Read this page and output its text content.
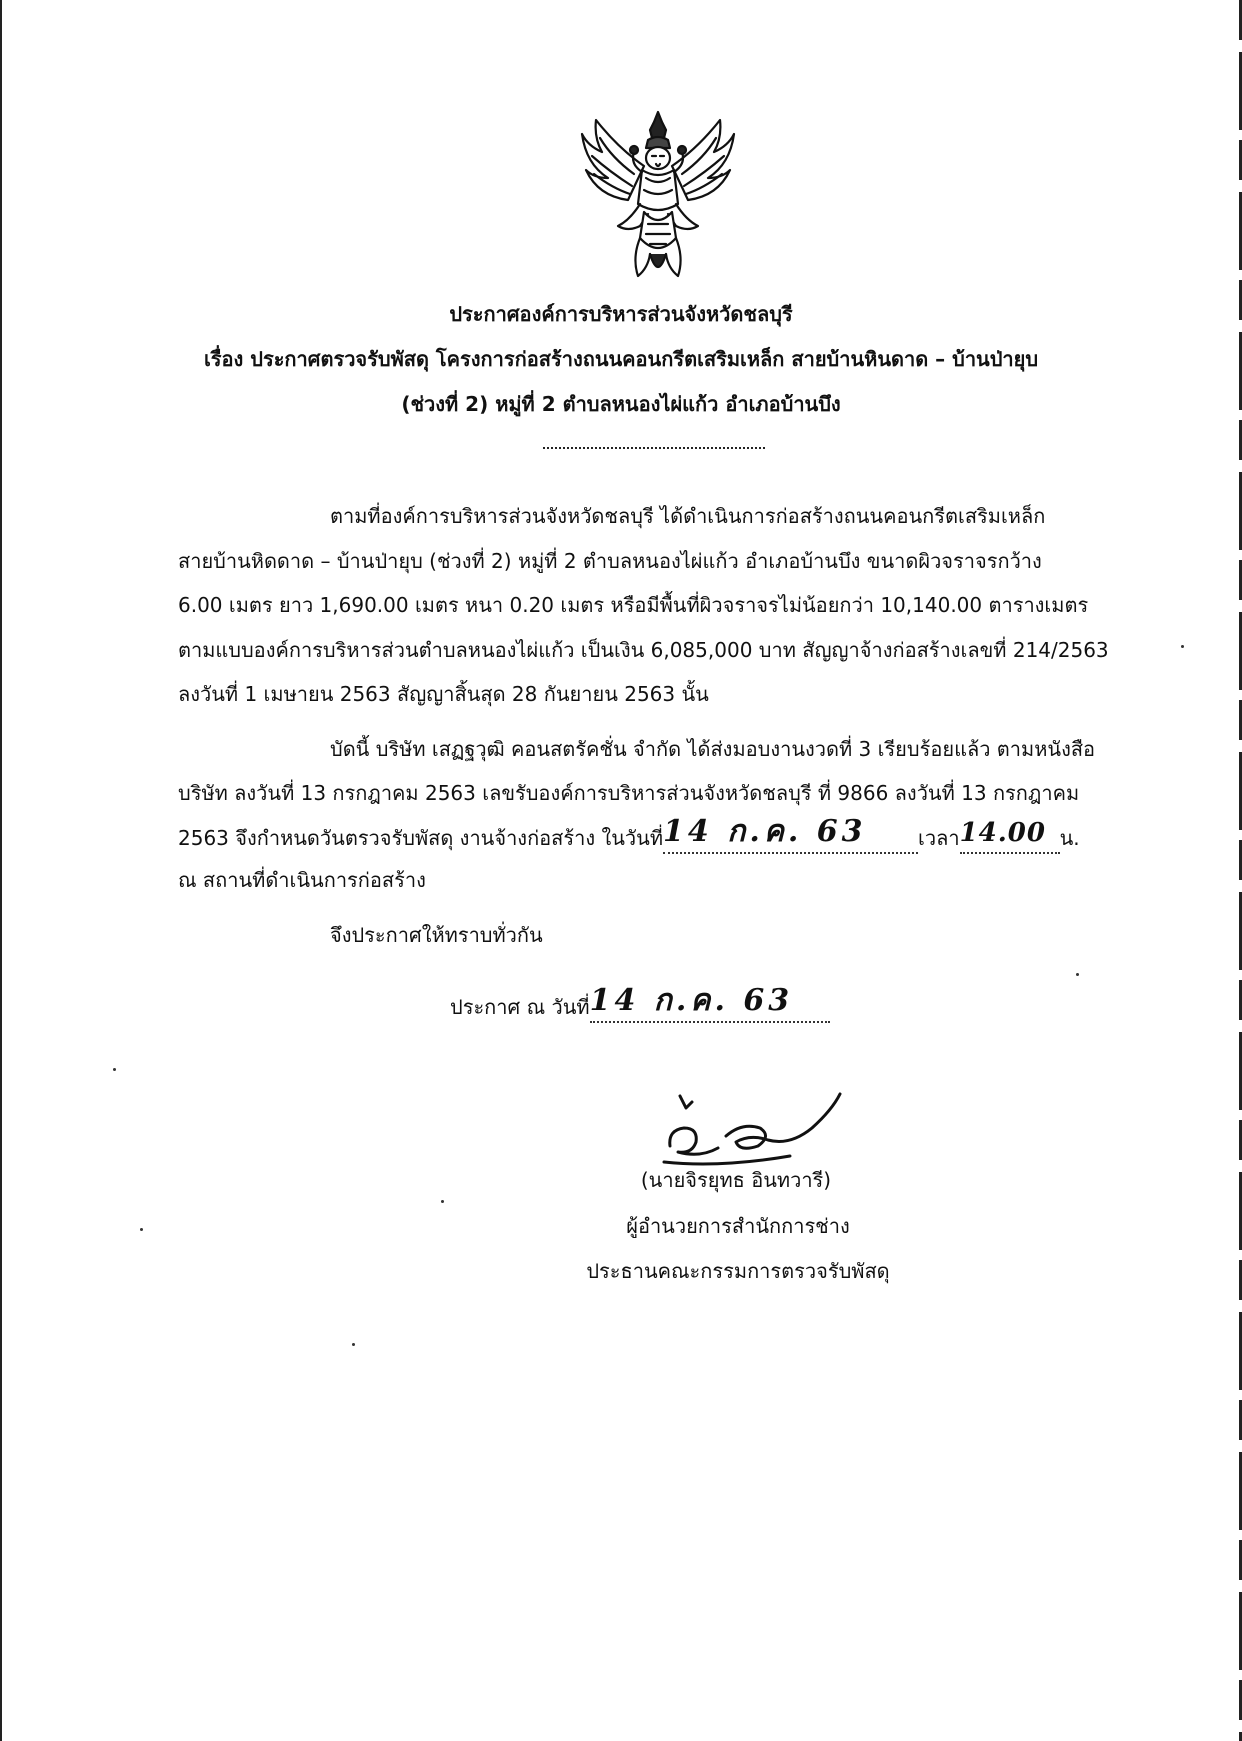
ประกาศองค์การบริหารส่วนจังหวัดชลบุรี
เรื่อง ประกาศตรวจรับพัสดุ โครงการก่อสร้างถนนคอนกรีตเสริมเหล็ก สายบ้านหินดาด – บ้านป่ายุบ
(ช่วงที่ 2) หมู่ที่ 2 ตำบลหนองไผ่แก้ว อำเภอบ้านบึง
ตามที่องค์การบริหารส่วนจังหวัดชลบุรี ได้ดำเนินการก่อสร้างถนนคอนกรีตเสริมเหล็ก
สายบ้านหิดดาด – บ้านป่ายุบ (ช่วงที่ 2) หมู่ที่ 2 ตำบลหนองไผ่แก้ว อำเภอบ้านบึง ขนาดผิวจราจรกว้าง
6.00 เมตร ยาว 1,690.00 เมตร หนา 0.20 เมตร หรือมีพื้นที่ผิวจราจรไม่น้อยกว่า 10,140.00 ตารางเมตร
ตามแบบองค์การบริหารส่วนตำบลหนองไผ่แก้ว เป็นเงิน 6,085,000 บาท สัญญาจ้างก่อสร้างเลขที่ 214/2563
ลงวันที่ 1 เมษายน 2563 สัญญาสิ้นสุด 28 กันยายน 2563 นั้น
บัดนี้ บริษัท เสฏฐวุฒิ คอนสตรัคชั่น จำกัด ได้ส่งมอบงานงวดที่ 3 เรียบร้อยแล้ว ตามหนังสือ
บริษัท ลงวันที่ 13 กรกฎาคม 2563 เลขรับองค์การบริหารส่วนจังหวัดชลบุรี ที่ 9866 ลงวันที่ 13 กรกฎาคม
2563 จึงกำหนดวันตรวจรับพัสดุ งานจ้างก่อสร้าง ในวันที่14 ก.ค. 63	เวลา14.00 น.
ณ สถานที่ดำเนินการก่อสร้าง
จึงประกาศให้ทราบทั่วกัน
ประกาศ ณ วันที่14 ก.ค. 63
(นายจิรยุทธ อินทวารี)
ผู้อำนวยการสำนักการช่าง
ประธานคณะกรรมการตรวจรับพัสดุ
